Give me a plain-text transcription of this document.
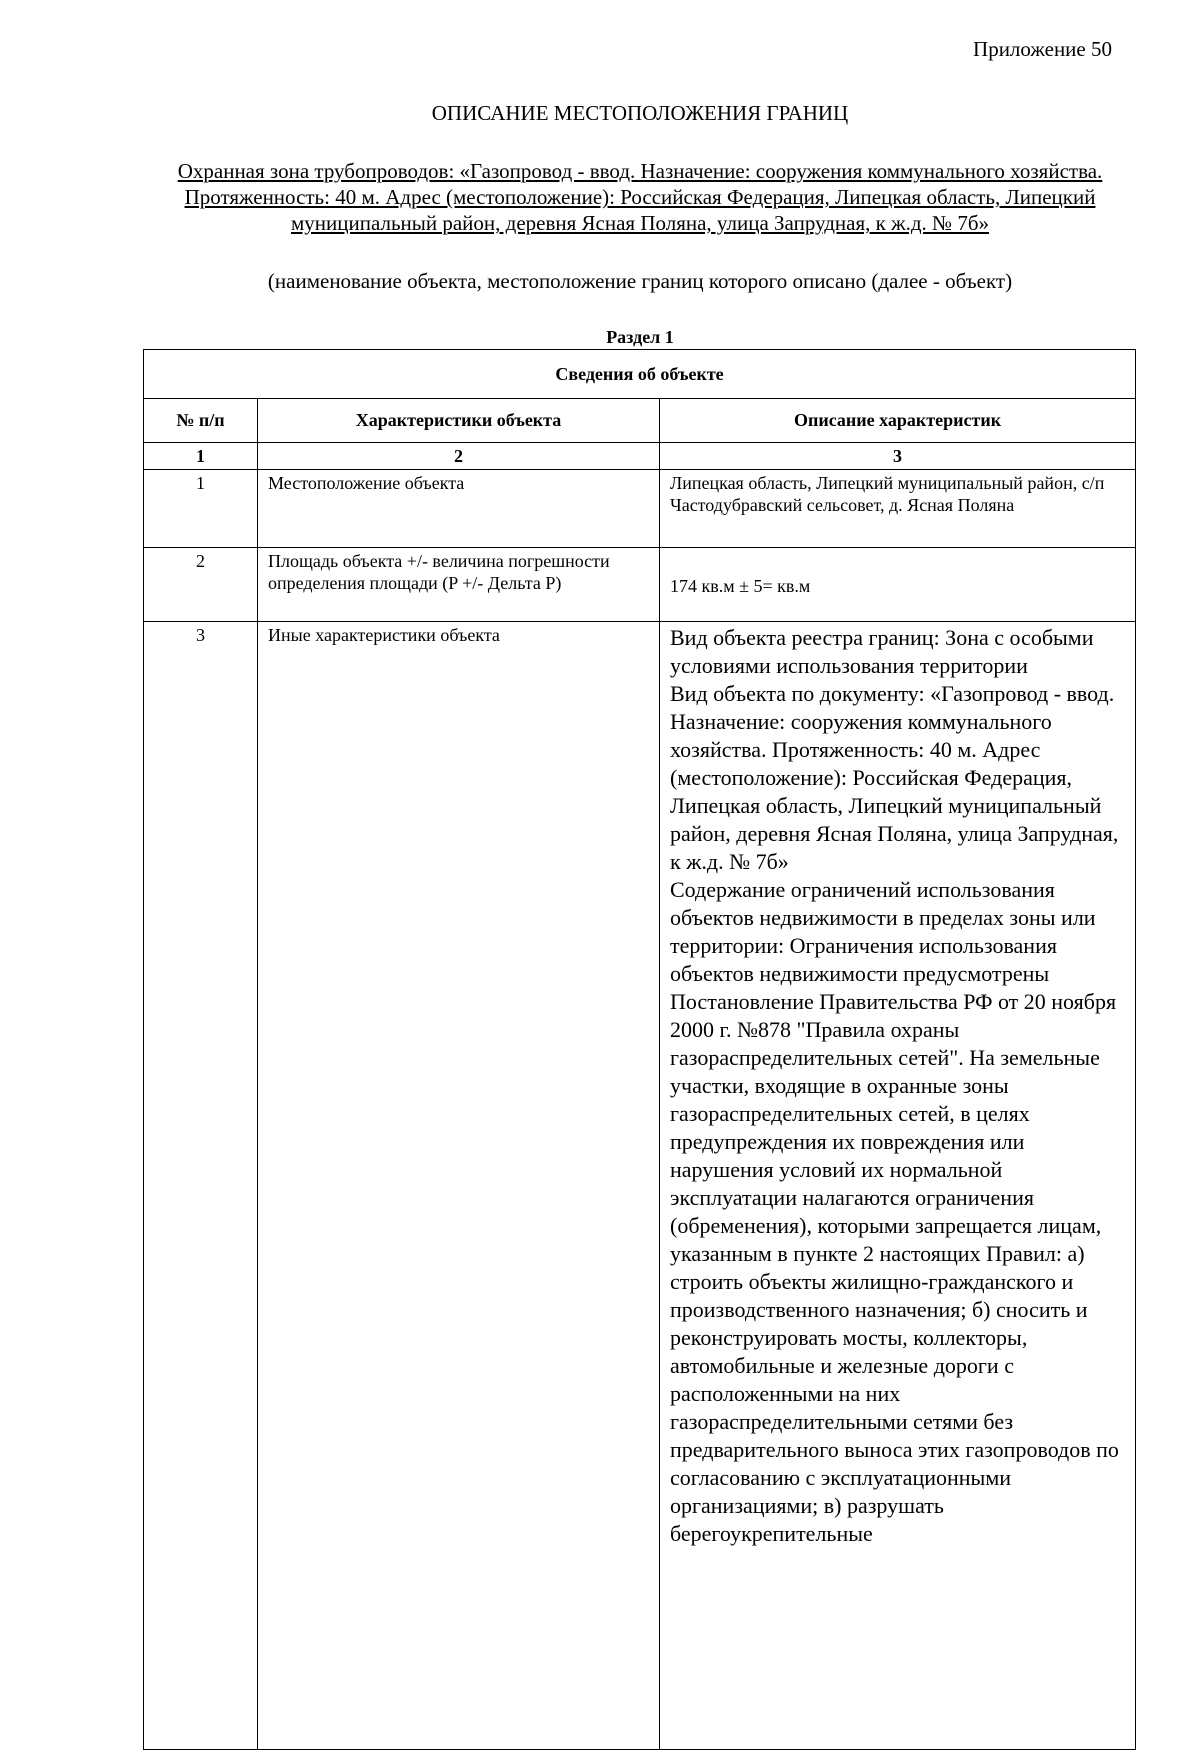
Приложение 50
ОПИСАНИЕ МЕСТОПОЛОЖЕНИЯ ГРАНИЦ
Охранная зона трубопроводов: «Газопровод - ввод. Назначение: сооружения коммунального хозяйства. Протяженность: 40 м. Адрес (местоположение): Российская Федерация, Липецкая область, Липецкий муниципальный район, деревня Ясная Поляна, улица Запрудная, к ж.д. № 7б»
(наименование объекта, местоположение границ которого описано (далее - объект)
Раздел 1
Сведения об объекте		
№ п/п	Характеристики объекта	Описание характеристик
1	2	3
1	Местоположение объекта	Липецкая область, Липецкий муниципальный район, с/п Частодубравский сельсовет, д. Ясная Поляна
2	Площадь объекта +/- величина погрешности определения площади (P +/- Дельта P)	174 кв.м ± 5= кв.м
3	Иные характеристики объекта	Вид объекта реестра границ: Зона с особыми условиями использования территории
Вид объекта по документу: «Газопровод - ввод. Назначение: сооружения коммунального хозяйства. Протяженность: 40 м. Адрес (местоположение): Российская Федерация, Липецкая область, Липецкий муниципальный район, деревня Ясная Поляна, улица Запрудная, к ж.д. № 7б»
Содержание ограничений использования объектов недвижимости в пределах зоны или территории: Ограничения использования объектов недвижимости предусмотрены Постановление Правительства РФ от 20 ноября 2000 г. №878 "Правила охраны газораспределительных сетей". На земельные участки, входящие в охранные зоны газораспределительных сетей, в целях предупреждения их повреждения или нарушения условий их нормальной эксплуатации налагаются ограничения (обременения), которыми запрещается лицам, указанным в пункте 2 настоящих Правил: а) строить объекты жилищно-гражданского и производственного назначения; б) сносить и реконструировать мосты, коллекторы, автомобильные и железные дороги с расположенными на них газораспределительными сетями без предварительного выноса этих газопроводов по согласованию с эксплуатационными организациями; в) разрушать берегоукрепительные
